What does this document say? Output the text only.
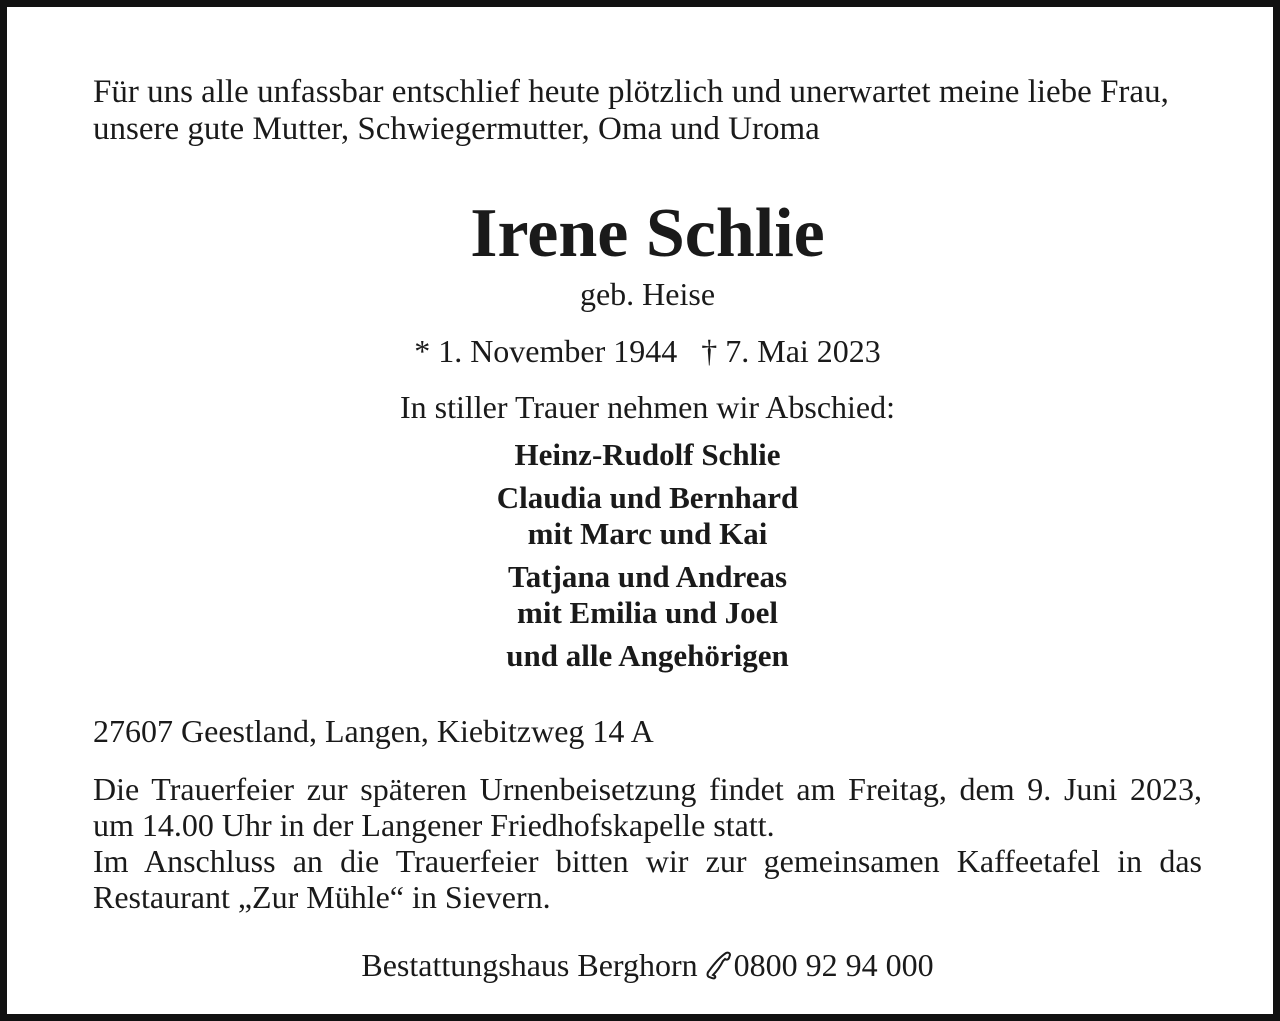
Für uns alle unfassbar entschlief heute plötzlich und unerwartet meine liebe Frau,
unsere gute Mutter, Schwiegermutter, Oma und Uroma

Irene Schlie

geb. Heise

* 1. November 1944 † 7. Mai 2023

In stiller Trauer nehmen wir Abschied:

Heinz-Rudolf Schlie
Claudia und Bernhard
mit Marc und Kai
Tatjana und Andreas
mit Emilia und Joel
und alle Angehörigen

27607 Geestland, Langen, Kiebitzweg 14 A

Die Trauerfeier zur späteren Urnenbeisetzung findet am Freitag, dem 9. Juni 2023,
um 14.00 Uhr in der Langener Friedhofskapelle statt.

Im Anschluss an die Trauerfeier bitten wir zur gemeinsamen Kaffeetafel in das
Restaurant „Zur Mühle“ in Sievern.

Bestattungshaus Berghorn 0800 92 94 000
